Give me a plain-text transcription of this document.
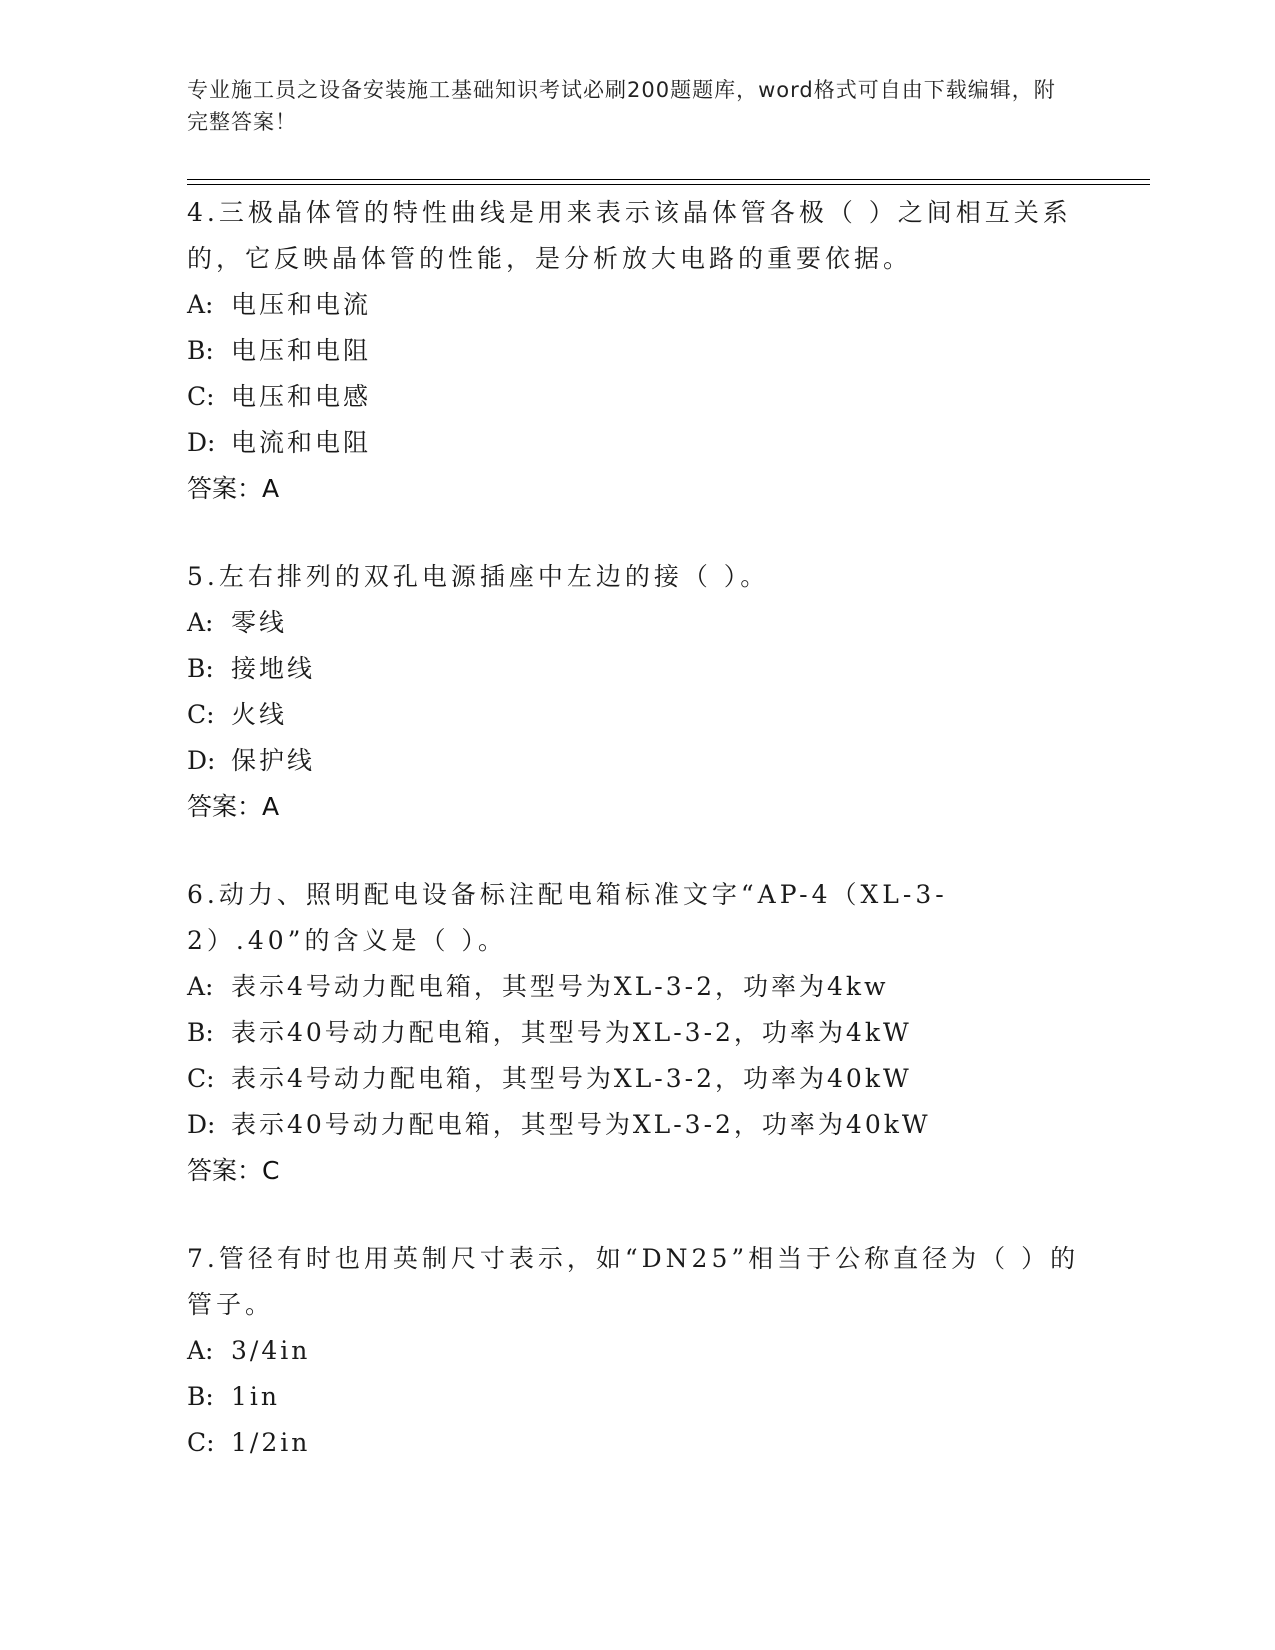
专业施工员之设备安装施工基础知识考试必刷200题题库，word格式可自由下载编辑，附完整答案！

4.三极晶体管的特性曲线是用来表示该晶体管各极（ ）之间相互关系的，它反映晶体管的性能，是分析放大电路的重要依据。

A: 电压和电流

B: 电压和电阻

C: 电压和电感

D: 电流和电阻

答案：A

5.左右排列的双孔电源插座中左边的接（ ）。

A: 零线

B: 接地线

C: 火线

D: 保护线

答案：A

6.动力、照明配电设备标注配电箱标准文字“AP-4（XL-3-2）.40”的含义是（ ）。

A: 表示4号动力配电箱，其型号为XL-3-2，功率为4kw

B: 表示40号动力配电箱，其型号为XL-3-2，功率为4kW

C: 表示4号动力配电箱，其型号为XL-3-2，功率为40kW

D: 表示40号动力配电箱，其型号为XL-3-2，功率为40kW

答案：C

7.管径有时也用英制尺寸表示，如“DN25”相当于公称直径为（ ）的管子。

A: 3/4in

B: 1in

C: 1/2in
